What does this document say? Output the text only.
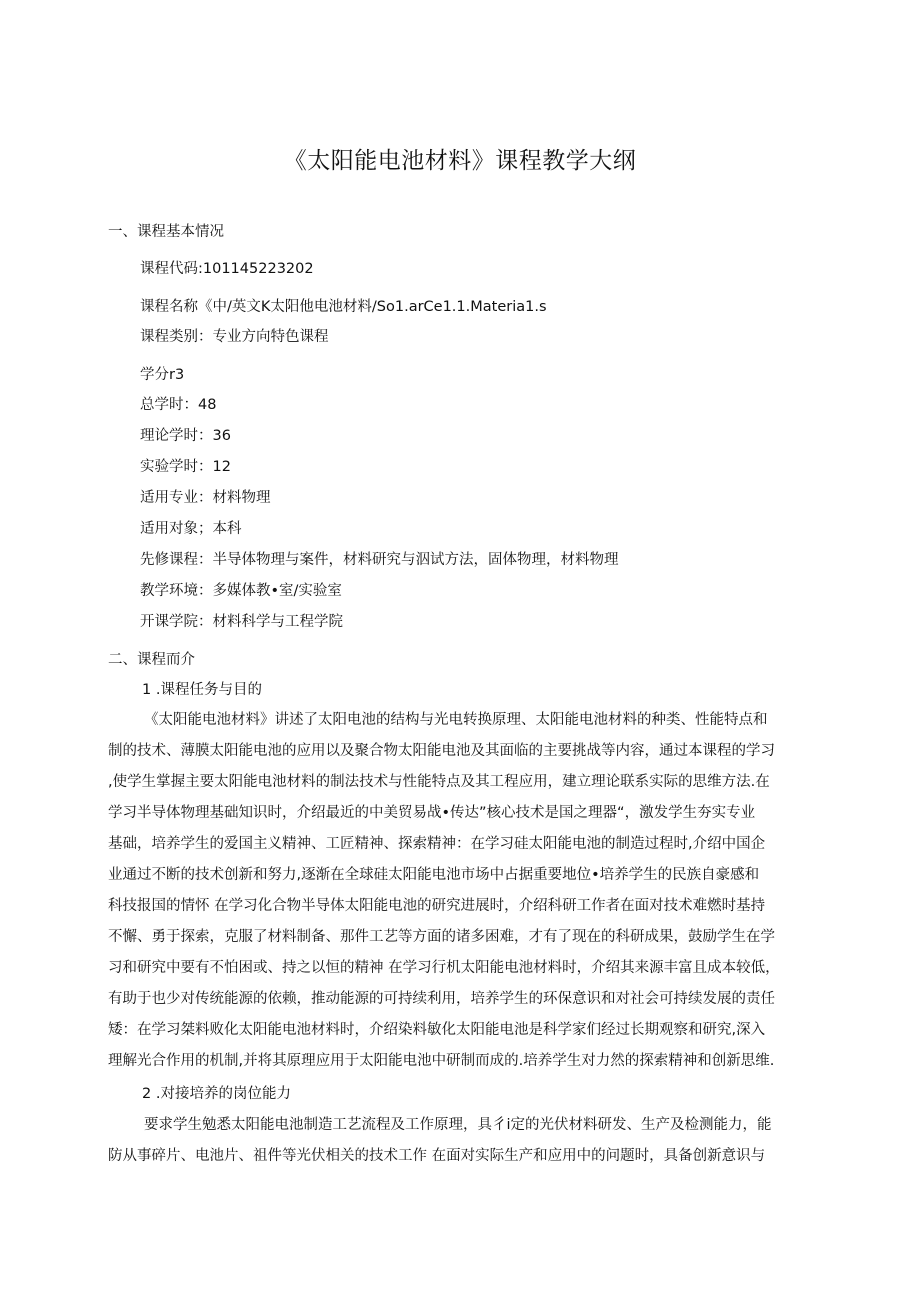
《太阳能电池材料》课程教学大纲
一、课程基本情况
课程代码:101145223202
课程名称《中/英文K太阳他电池材料/So1.arCe1.1.Materia1.s
课程类别：专业方向特色课程
学分r3
总学时：48
理论学时：36
实验学时：12
适用专业：材料物理
适用对象；本科
先修课程：半导体物理与案件，材料研究与泅试方法，固体物理，材料物理
教学环境：多媒体教•室/实验室
开课学院：材料科学与工程学院
二、课程而介
1 .课程任务与目的
《太阳能电池材料》讲述了太阳电池的结构与光电转换原理、太阳能电池材料的种类、性能特点和
制的技术、薄膜太阳能电池的应用以及聚合物太阳能电池及其面临的主要挑战等内容，通过本课程的学习
,使学生掌握主要太阳能电池材料的制法技术与性能特点及其工程应用，建立理论联系实际的思维方法.在
学习半导体物理基础知识时，介绍最近的中美贸易战•传达”核心技术是国之理器“，激发学生夯实专业
基础，培养学生的爱国主义精神、工匠精神、探索精神：在学习硅太阳能电池的制造过程时,介绍中国企
业通过不断的技术创新和努力,逐渐在全球硅太阳能电池市场中占据重要地位•培养学生的民族自豪感和
科技报国的情怀 在学习化合物半导体太阳能电池的研究进展时，介绍科研工作者在面对技术难燃时基持
不懈、勇于探索，克服了材料制备、那件工艺等方面的诸多困难，才有了现在的科研成果，鼓励学生在学
习和研究中要有不怕困或、持之以恒的精神 在学习行机太阳能电池材料时，介绍其来源丰富且成本较低，
有助于也少对传统能源的依赖，推动能源的可持续利用，培养学生的环保意识和对社会可持续发展的责任
矮：在学习桀料败化太阳能电池材料时，介绍染料敏化太阳能电池是科学家们经过长期观察和研究,深入
理解光合作用的机制,并将其原理应用于太阳能电池中研制而成的.培养学生对力然的探索精神和创新思维.
2 .对接培养的岗位能力
要求学生勉悉太阳能电池制造工艺流程及工作原理，具彳i定的光伏材料研发、生产及检测能力，能
防从事碎片、电池片、祖件等光伏相关的技术工作 在面对实际生产和应用中的问题时，具备创新意识与
